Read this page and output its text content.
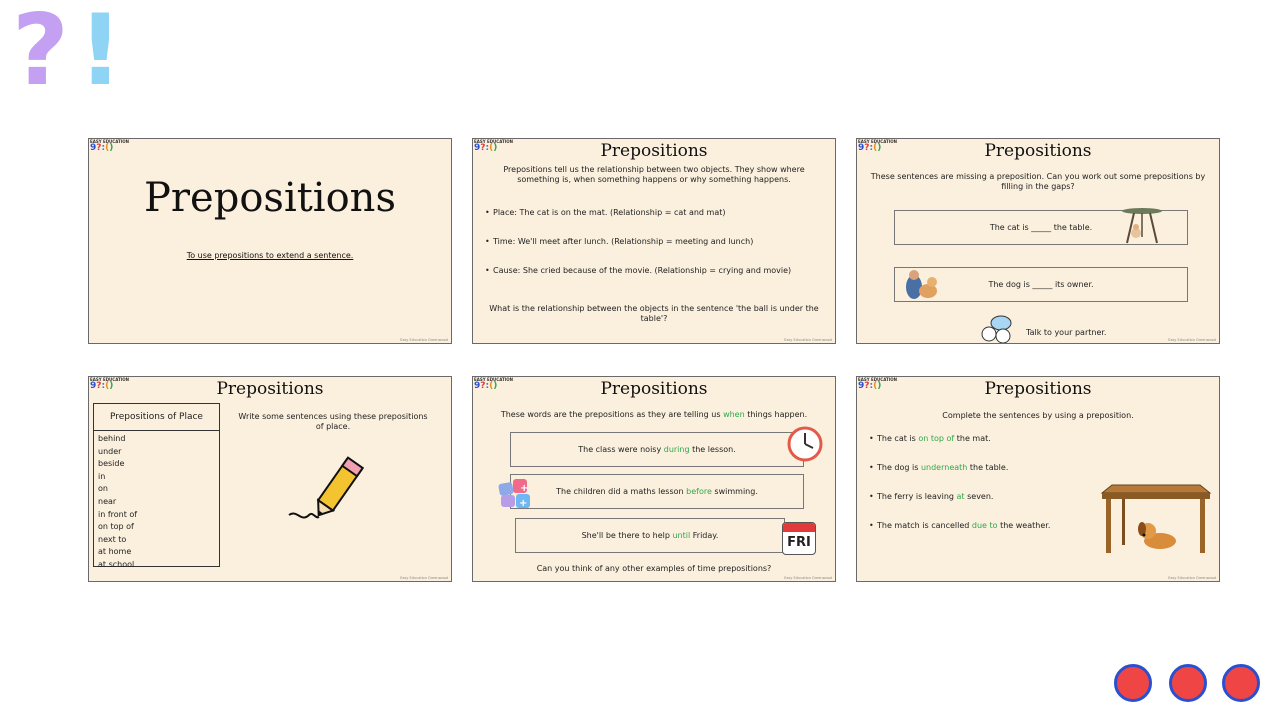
? !
EASY EDUCATION
9?:()
Prepositions
To use prepositions to extend a sentence.
Easy Education Greenwood
EASY EDUCATION
9?:()	Prepositions
Prepositions tell us the relationship between two objects. They show where something is, when something happens or why something happens.
• Place: The cat is on the mat. (Relationship = cat and mat)
• Time: We'll meet after lunch. (Relationship = meeting and lunch)
• Cause: She cried because of the movie. (Relationship = crying and movie)
What is the relationship between the objects in the sentence 'the ball is under the table'?
Easy Education Greenwood
EASY EDUCATION
9?:()	Prepositions
These sentences are missing a preposition. Can you work out some prepositions by filling in the gaps?
The cat is _____ the table.
The dog is _____ its owner.
Talk to your partner.
Easy Education Greenwood
EASY EDUCATION
9?:()	Prepositions
Prepositions of Place
behind
under
beside
in
on
near
in front of
on top of
next to
at home
at school
Write some sentences using these prepositions of place.
Easy Education Greenwood
EASY EDUCATION
9?:()	Prepositions
These words are the prepositions as they are telling us when things happen.
The class were noisy during the lesson.
The children did a maths lesson before swimming.
+
+
She'll be there to help until Friday.	FRI
Can you think of any other examples of time prepositions?
Easy Education Greenwood
EASY EDUCATION
9?:()	Prepositions
Complete the sentences by using a preposition.
• The cat is on top of the mat.
• The dog is underneath the table.
• The ferry is leaving at seven.
• The match is cancelled due to the weather.
Easy Education Greenwood
